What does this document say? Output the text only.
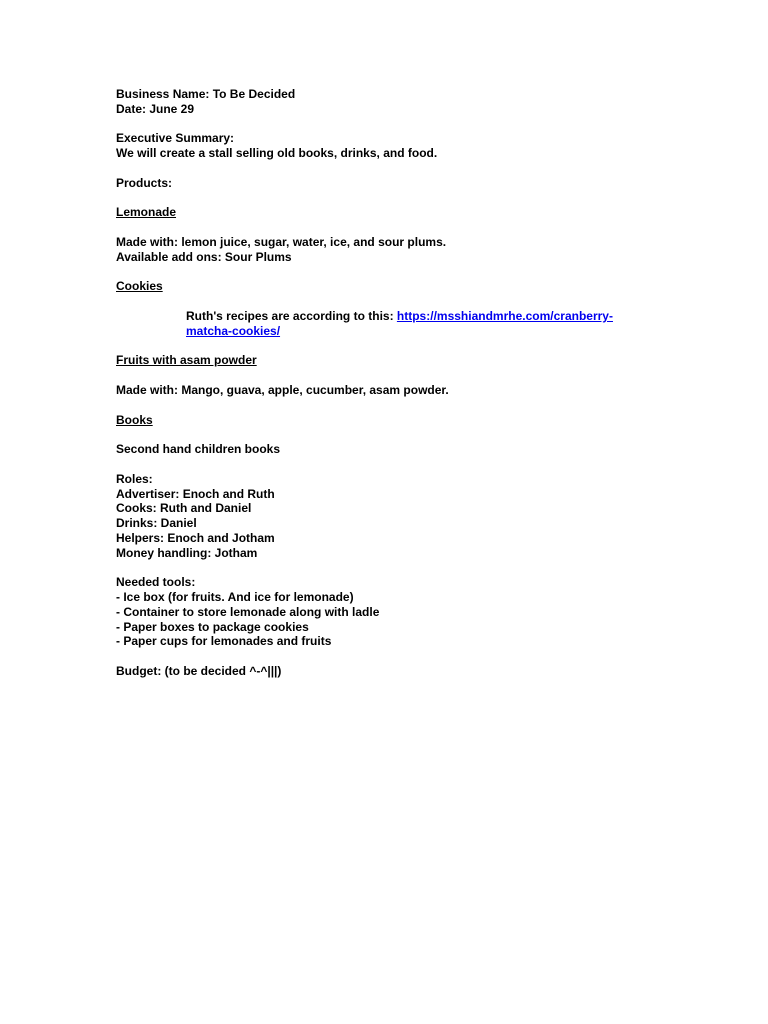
Business Name: To Be Decided
Date: June 29
Executive Summary:
We will create a stall selling old books, drinks, and food.
Products:
Lemonade
Made with: lemon juice, sugar, water, ice, and sour plums.
Available add ons: Sour Plums
Cookies
Ruth's recipes are according to this: https://msshiandmrhe.com/cranberry-matcha-cookies/
Fruits with asam powder
Made with: Mango, guava, apple, cucumber, asam powder.
Books
Second hand children books
Roles:
Advertiser: Enoch and Ruth
Cooks: Ruth and Daniel
Drinks: Daniel
Helpers: Enoch and Jotham
Money handling: Jotham
Needed tools:
- Ice box (for fruits. And ice for lemonade)
- Container to store lemonade along with ladle
- Paper boxes to package cookies
- Paper cups for lemonades and fruits
Budget: (to be decided ^-^|||)
